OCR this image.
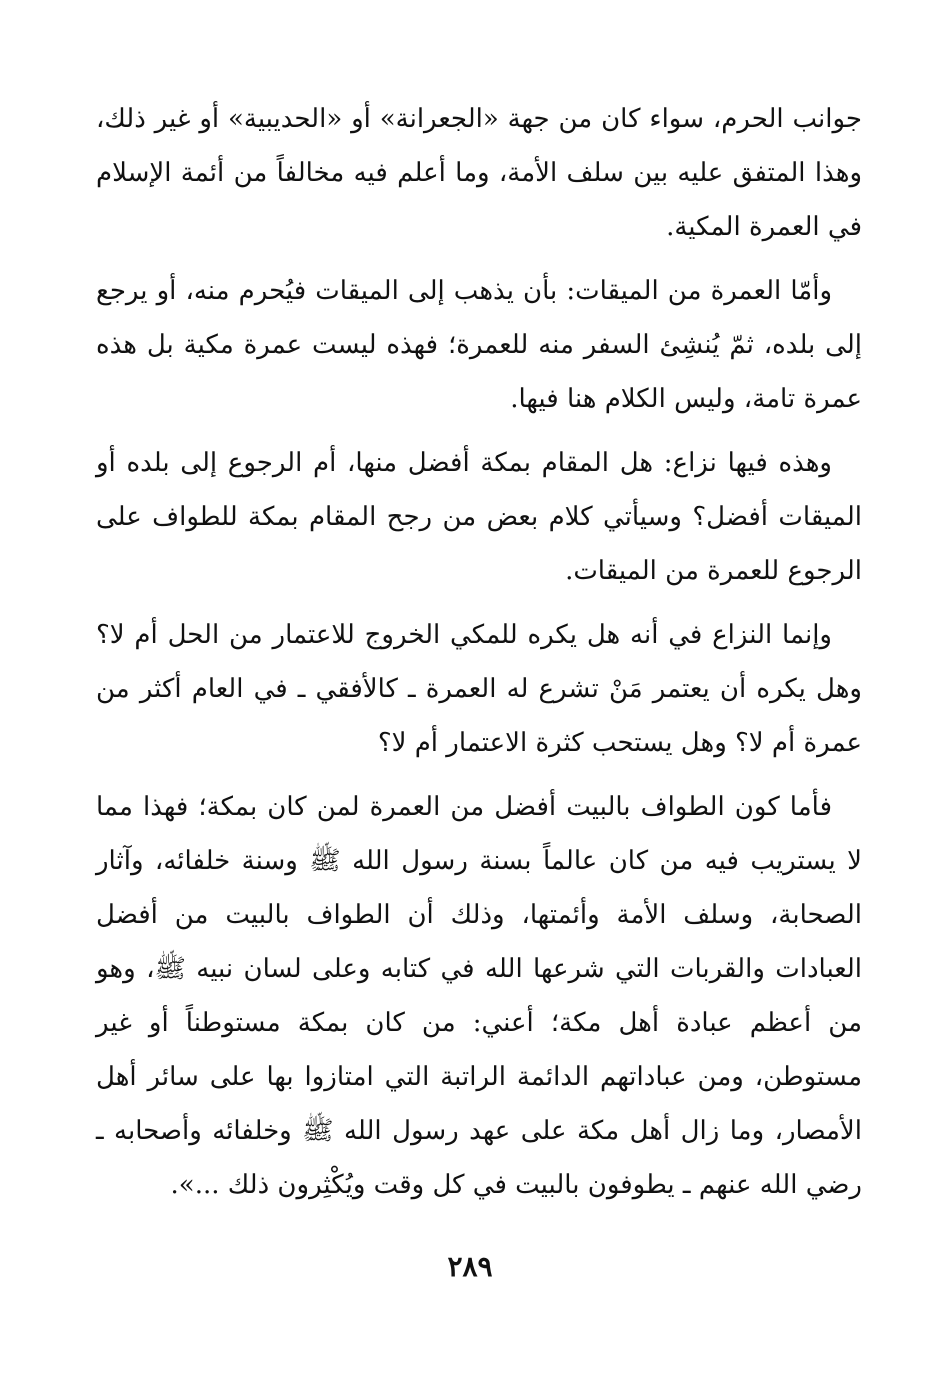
جوانب الحرم، سواء كان من جهة «الجعرانة» أو «الحديبية» أو غير ذلك، وهذا المتفق عليه بين سلف الأمة، وما أعلم فيه مخالفاً من أئمة الإسلام في العمرة المكية.

وأمّا العمرة من الميقات: بأن يذهب إلى الميقات فيُحرم منه، أو يرجع إلى بلده، ثمّ يُنشِئ السفر منه للعمرة؛ فهذه ليست عمرة مكية بل هذه عمرة تامة، وليس الكلام هنا فيها.

وهذه فيها نزاع: هل المقام بمكة أفضل منها، أم الرجوع إلى بلده أو الميقات أفضل؟ وسيأتي كلام بعض من رجح المقام بمكة للطواف على الرجوع للعمرة من الميقات.

وإنما النزاع في أنه هل يكره للمكي الخروج للاعتمار من الحل أم لا؟ وهل يكره أن يعتمر مَنْ تشرع له العمرة ـ كالأفقي ـ في العام أكثر من عمرة أم لا؟ وهل يستحب كثرة الاعتمار أم لا؟

فأما كون الطواف بالبيت أفضل من العمرة لمن كان بمكة؛ فهذا مما لا يستريب فيه من كان عالماً بسنة رسول الله ﷺ وسنة خلفائه، وآثار الصحابة، وسلف الأمة وأئمتها، وذلك أن الطواف بالبيت من أفضل العبادات والقربات التي شرعها الله في كتابه وعلى لسان نبيه ﷺ، وهو من أعظم عبادة أهل مكة؛ أعني: من كان بمكة مستوطناً أو غير مستوطن، ومن عباداتهم الدائمة الراتبة التي امتازوا بها على سائر أهل الأمصار، وما زال أهل مكة على عهد رسول الله ﷺ وخلفائه وأصحابه ـ رضي الله عنهم ـ يطوفون بالبيت في كل وقت ويُكْثِرون ذلك ...».

٢٨٩
